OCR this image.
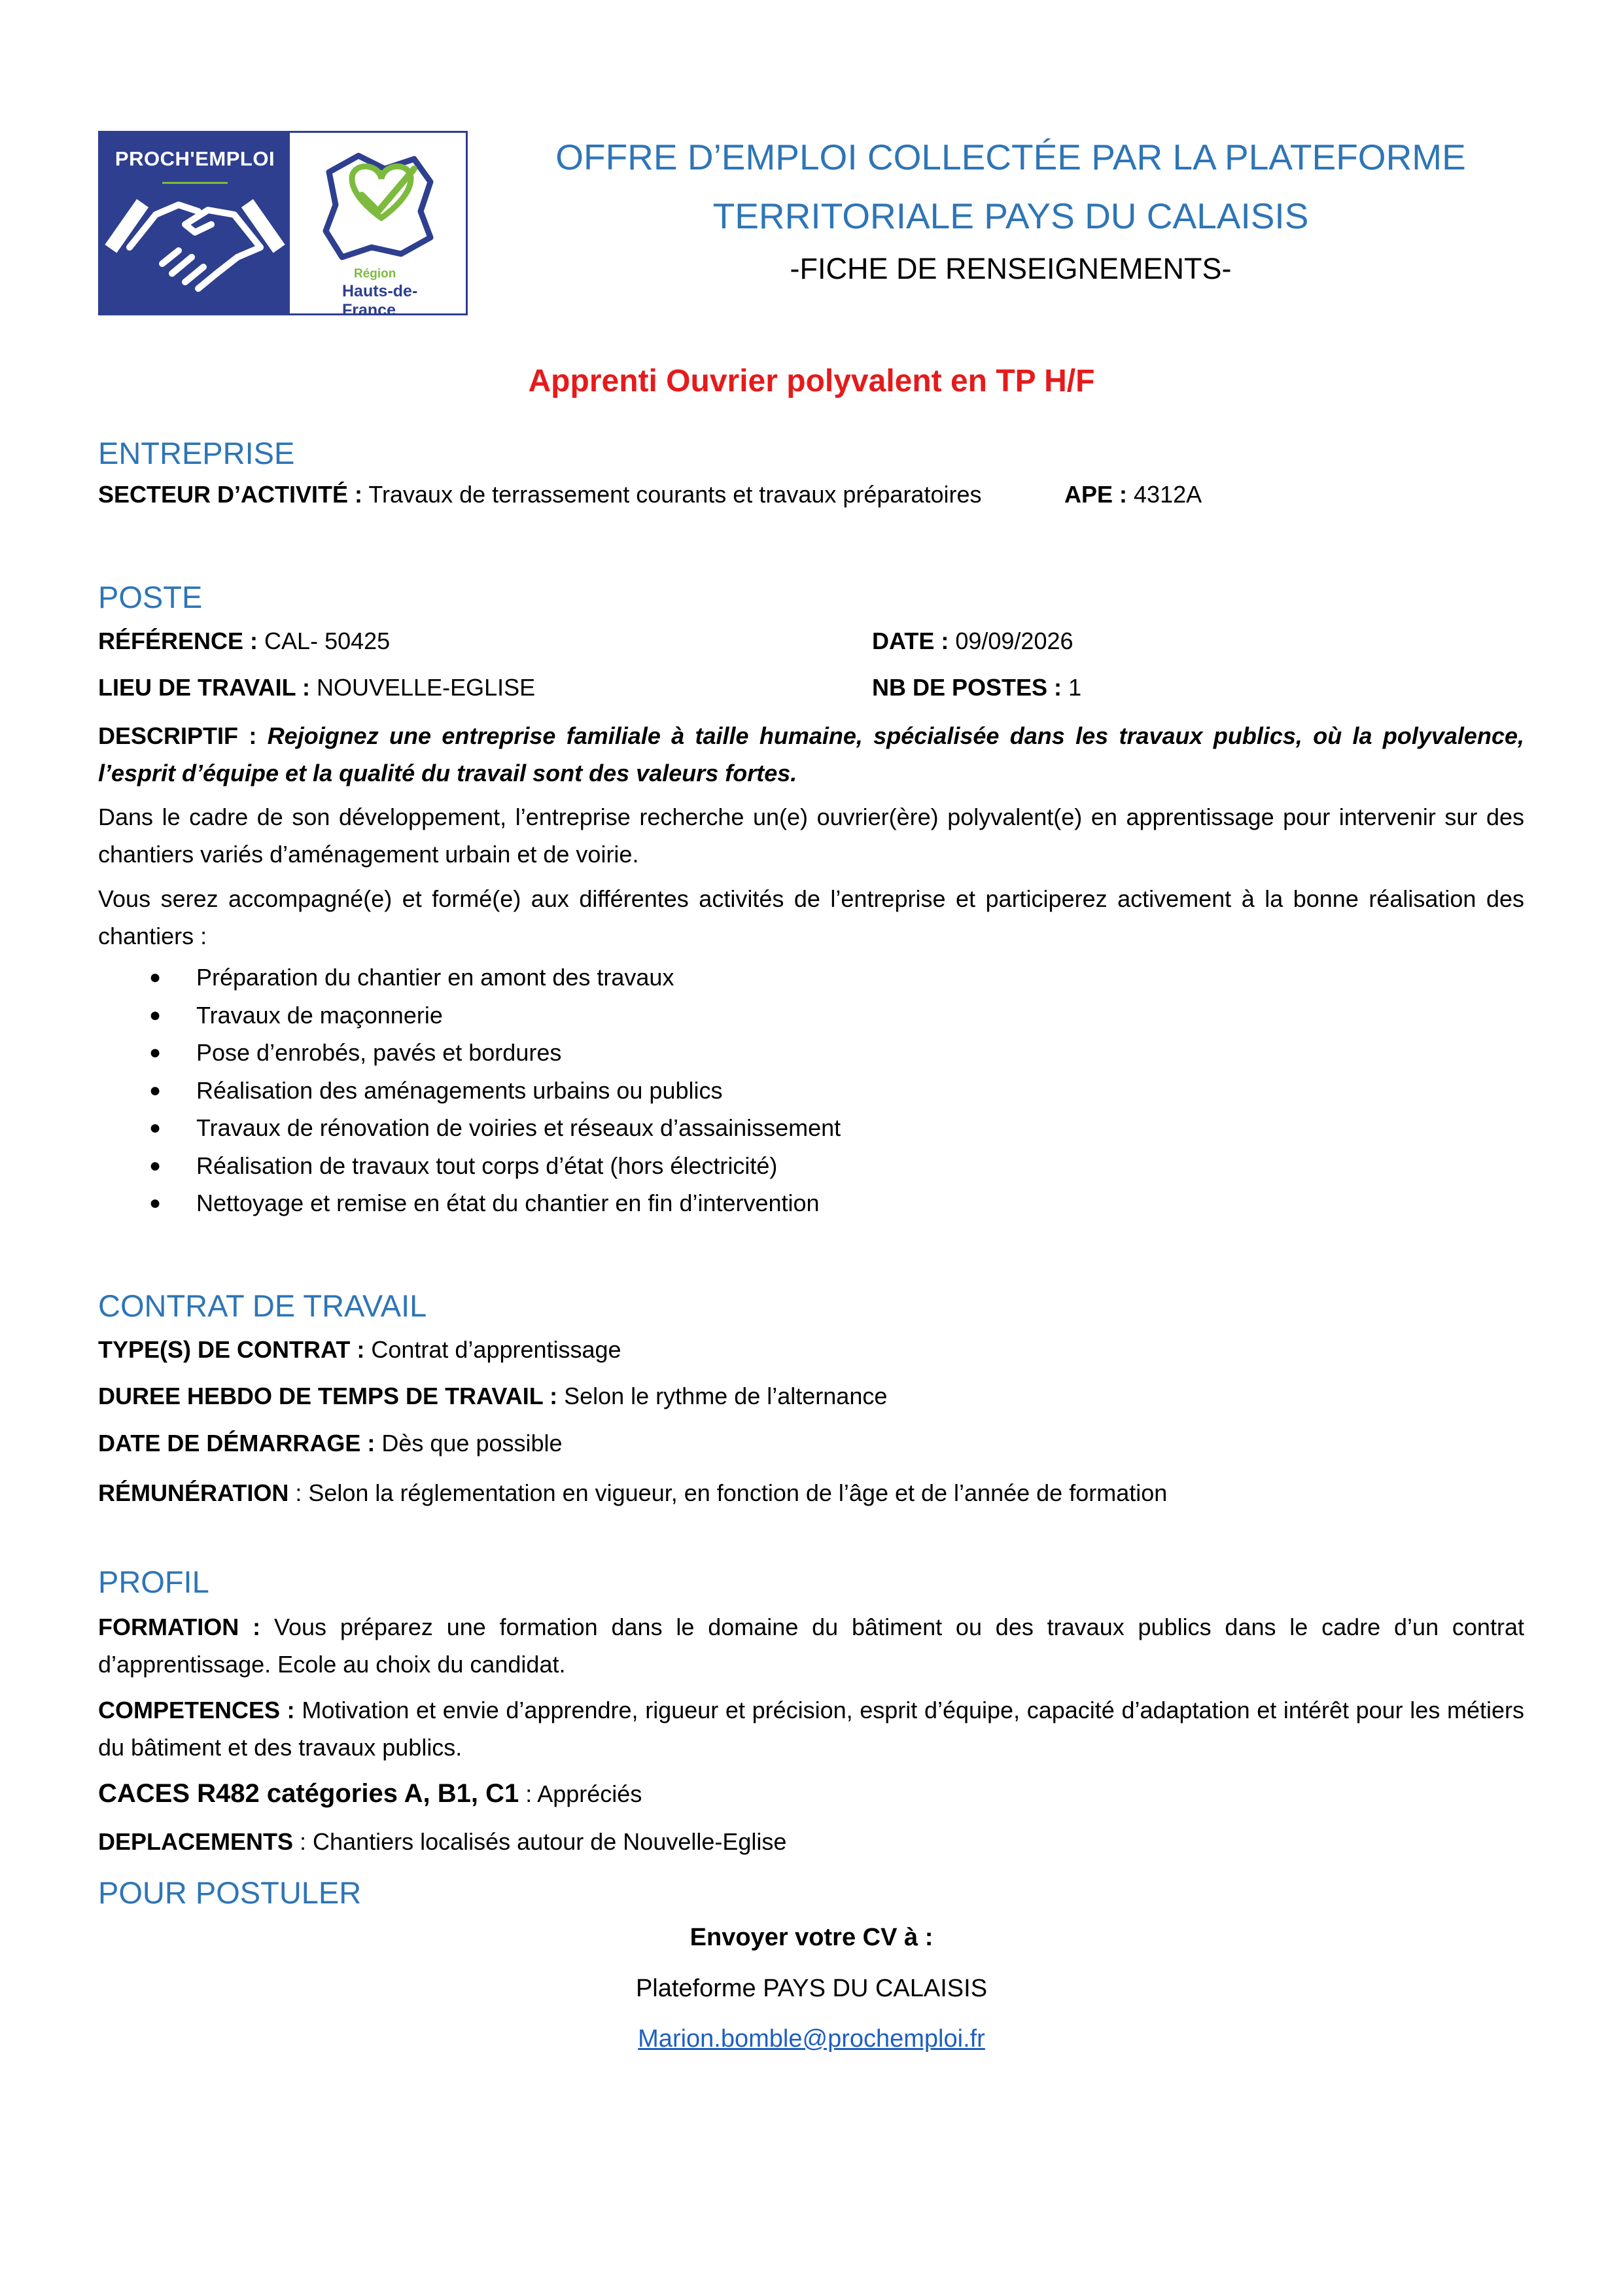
PROCH'EMPLOI
Région
Hauts-de-France
OFFRE D’EMPLOI COLLECTÉE PAR LA PLATEFORME
TERRITORIALE PAYS DU CALAISIS
-FICHE DE RENSEIGNEMENTS-
Apprenti Ouvrier polyvalent en TP H/F
ENTREPRISE
SECTEUR D’ACTIVITÉ : Travaux de terrassement courants et travaux préparatoires	APE : 4312A
POSTE
RÉFÉRENCE : CAL- 50425	DATE : 09/09/2026
LIEU DE TRAVAIL : NOUVELLE-EGLISE	NB DE POSTES : 1
DESCRIPTIF : Rejoignez une entreprise familiale à taille humaine, spécialisée dans les travaux publics, où la polyvalence, l’esprit d’équipe et la qualité du travail sont des valeurs fortes.
Dans le cadre de son développement, l’entreprise recherche un(e) ouvrier(ère) polyvalent(e) en apprentissage pour intervenir sur des chantiers variés d’aménagement urbain et de voirie.
Vous serez accompagné(e) et formé(e) aux différentes activités de l’entreprise et participerez activement à la bonne réalisation des chantiers :
● Préparation du chantier en amont des travaux
● Travaux de maçonnerie
● Pose d’enrobés, pavés et bordures
● Réalisation des aménagements urbains ou publics
● Travaux de rénovation de voiries et réseaux d’assainissement
● Réalisation de travaux tout corps d’état (hors électricité)
● Nettoyage et remise en état du chantier en fin d’intervention
CONTRAT DE TRAVAIL
TYPE(S) DE CONTRAT : Contrat d’apprentissage
DUREE HEBDO DE TEMPS DE TRAVAIL : Selon le rythme de l’alternance
DATE DE DÉMARRAGE : Dès que possible
RÉMUNÉRATION : Selon la réglementation en vigueur, en fonction de l’âge et de l’année de formation
PROFIL
FORMATION : Vous préparez une formation dans le domaine du bâtiment ou des travaux publics dans le cadre d’un contrat d’apprentissage. Ecole au choix du candidat.
COMPETENCES : Motivation et envie d’apprendre, rigueur et précision, esprit d’équipe, capacité d’adaptation et intérêt pour les métiers du bâtiment et des travaux publics.
CACES R482 catégories A, B1, C1 : Appréciés
DEPLACEMENTS : Chantiers localisés autour de Nouvelle-Eglise
POUR POSTULER
Envoyer votre CV à :
Plateforme PAYS DU CALAISIS
Marion.bomble@prochemploi.fr
